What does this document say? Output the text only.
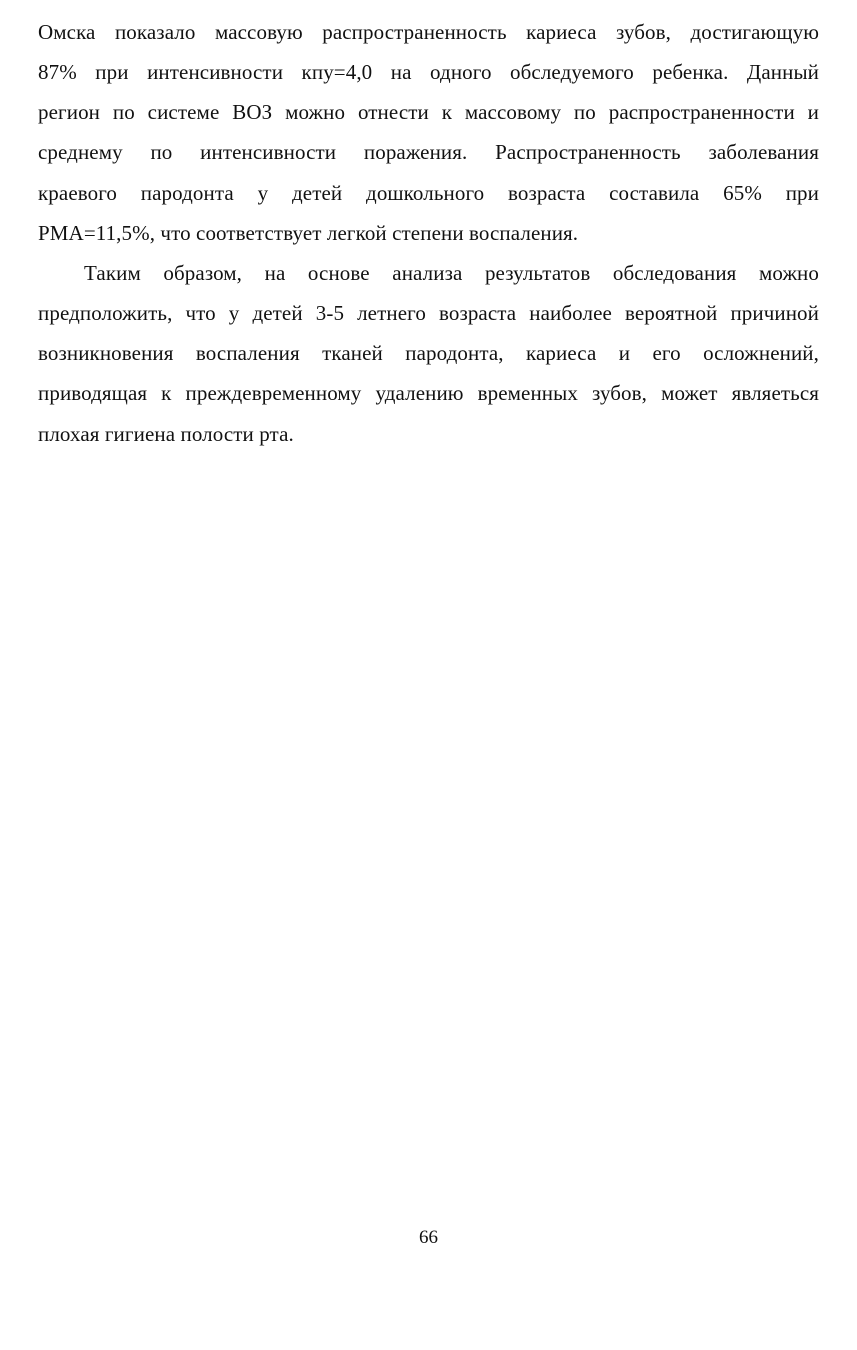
Омска показало массовую распространенность кариеса зубов, достигающую
87% при интенсивности кпу=4,0 на одного обследуемого ребенка. Данный
регион по системе ВОЗ можно отнести к массовому по распространенности и
среднему по интенсивности поражения. Распространенность заболевания
краевого пародонта у детей дошкольного возраста составила 65% при
РМА=11,5%, что соответствует легкой степени воспаления.
Таким образом, на основе анализа результатов обследования можно
предположить, что у детей 3-5 летнего возраста наиболее вероятной причиной
возникновения воспаления тканей пародонта, кариеса и его осложнений,
приводящая к преждевременному удалению временных зубов, может являеться
плохая гигиена полости рта.
66
